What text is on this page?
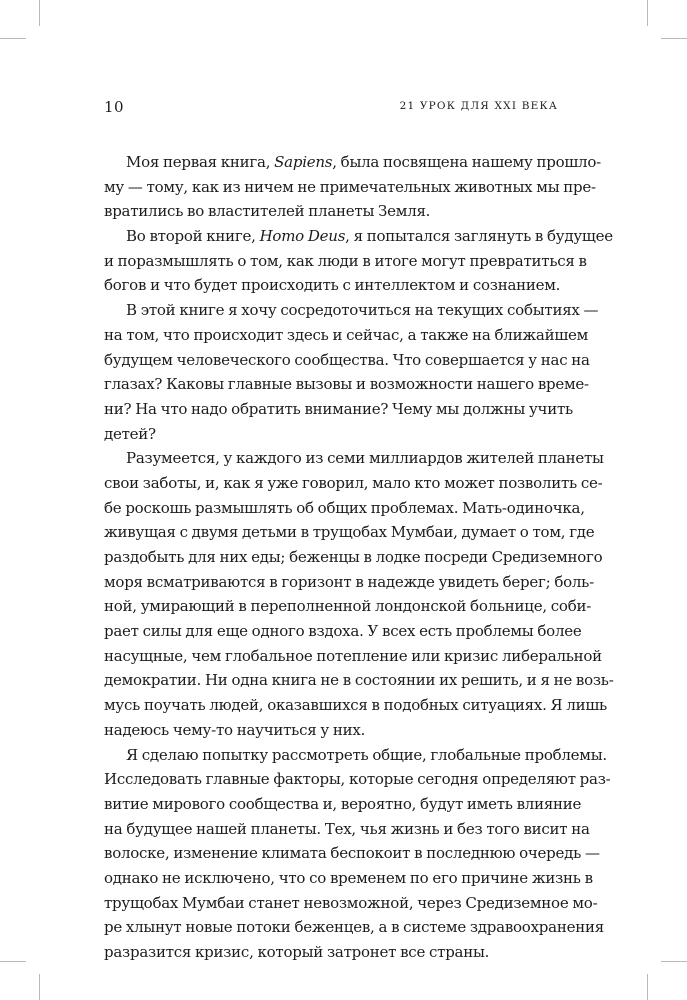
10	21 УРОК ДЛЯ XXI ВЕКА
Моя первая книга, Sapiens, была посвящена нашему прошло-
му — тому, как из ничем не примечательных животных мы пре-
вратились во властителей планеты Земля.
Во второй книге, Homo Deus, я попытался заглянуть в будущее
и поразмышлять о том, как люди в итоге могут превратиться в
богов и что будет происходить с интеллектом и сознанием.
В этой книге я хочу сосредоточиться на текущих событиях —
на том, что происходит здесь и сейчас, а также на ближайшем
будущем человеческого сообщества. Что совершается у нас на
глазах? Каковы главные вызовы и возможности нашего време-
ни? На что надо обратить внимание? Чему мы должны учить
детей?
Разумеется, у каждого из семи миллиардов жителей планеты
свои заботы, и, как я уже говорил, мало кто может позволить се-
бе роскошь размышлять об общих проблемах. Мать-одиночка,
живущая с двумя детьми в трущобах Мумбаи, думает о том, где
раздобыть для них еды; беженцы в лодке посреди Средиземного
моря всматриваются в горизонт в надежде увидеть берег; боль-
ной, умирающий в переполненной лондонской больнице, соби-
рает силы для еще одного вздоха. У всех есть проблемы более
насущные, чем глобальное потепление или кризис либеральной
демократии. Ни одна книга не в состоянии их решить, и я не возь-
мусь поучать людей, оказавшихся в подобных ситуациях. Я лишь
надеюсь чему-то научиться у них.
Я сделаю попытку рассмотреть общие, глобальные проблемы.
Исследовать главные факторы, которые сегодня определяют раз-
витие мирового сообщества и, вероятно, будут иметь влияние
на будущее нашей планеты. Тех, чья жизнь и без того висит на
волоске, изменение климата беспокоит в последнюю очередь —
однако не исключено, что со временем по его причине жизнь в
трущобах Мумбаи станет невозможной, через Средиземное мо-
ре хлынут новые потоки беженцев, а в системе здравоохранения
разразится кризис, который затронет все страны.
